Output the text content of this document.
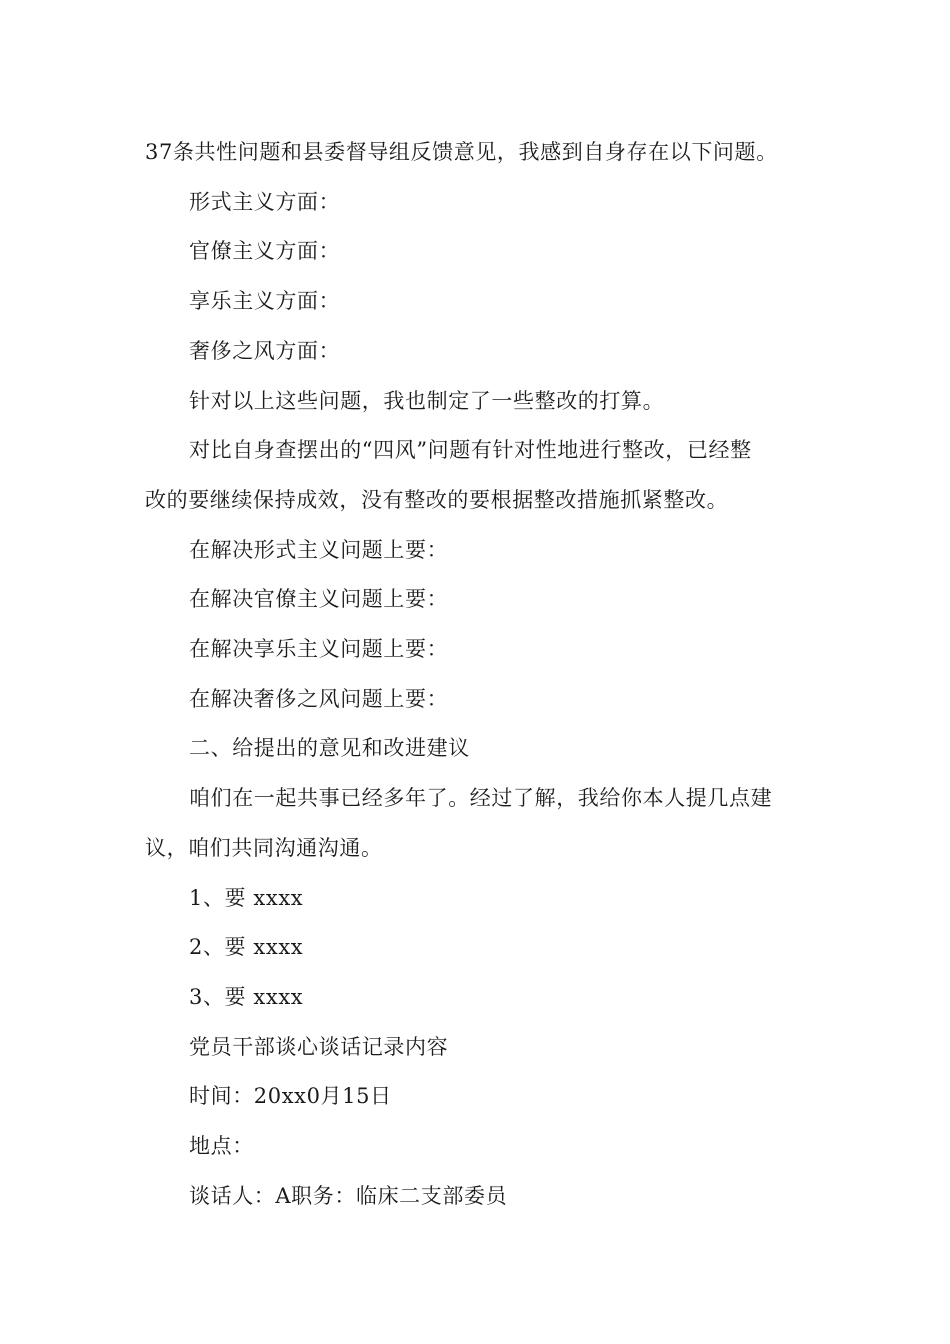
37条共性问题和县委督导组反馈意见，我感到自身存在以下问题。

形式主义方面：

官僚主义方面：

享乐主义方面：

奢侈之风方面：

针对以上这些问题，我也制定了一些整改的打算。

对比自身查摆出的“四风”问题有针对性地进行整改，已经整

改的要继续保持成效，没有整改的要根据整改措施抓紧整改。

在解决形式主义问题上要：

在解决官僚主义问题上要：

在解决享乐主义问题上要：

在解决奢侈之风问题上要：

二、给提出的意见和改进建议

咱们在一起共事已经多年了。经过了解，我给你本人提几点建

议，咱们共同沟通沟通。

1、要 xxxx

2、要 xxxx

3、要 xxxx

党员干部谈心谈话记录内容

时间：20xx0月15日

地点：

谈话人：A职务：临床二支部委员
